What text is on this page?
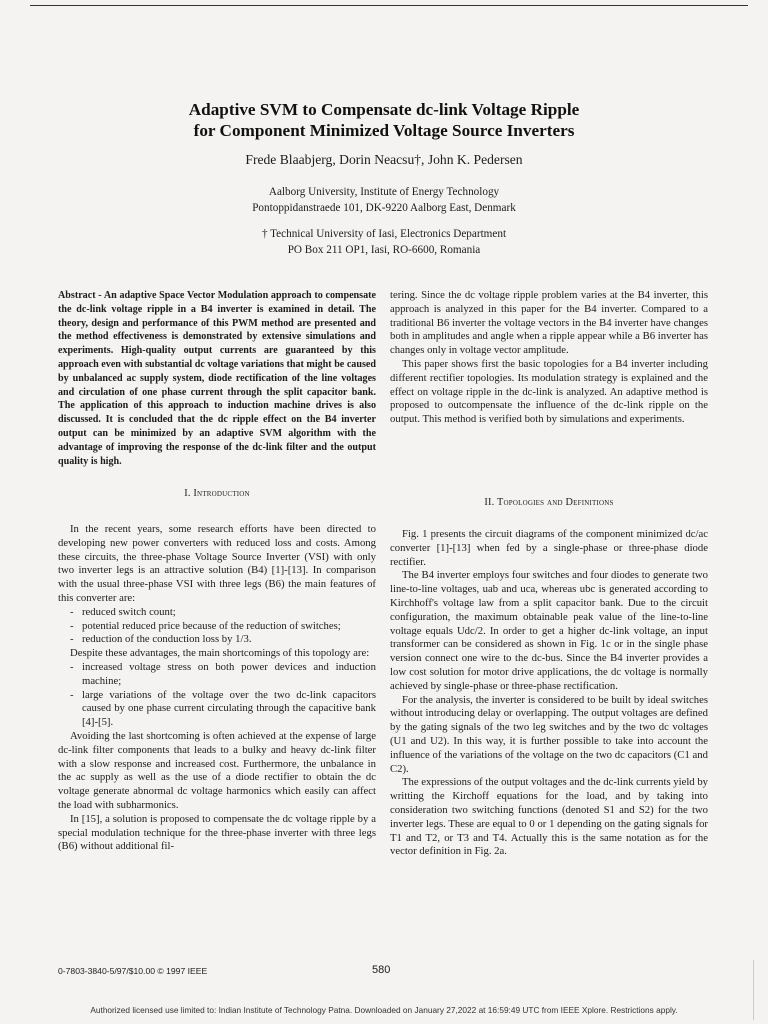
Adaptive SVM to Compensate dc-link Voltage Ripple
for Component Minimized Voltage Source Inverters
Frede Blaabjerg, Dorin Neacsu†, John K. Pedersen
Aalborg University, Institute of Energy Technology
Pontoppidanstraede 101, DK-9220 Aalborg East, Denmark
† Technical University of Iasi, Electronics Department
PO Box 211 OP1, Iasi, RO-6600, Romania
Abstract - An adaptive Space Vector Modulation approach to compensate the dc-link voltage ripple in a B4 inverter is examined in detail. The theory, design and performance of this PWM method are presented and the method effectiveness is demonstrated by extensive simulations and experiments. High-quality output currents are guaranteed by this approach even with substantial dc voltage variations that might be caused by unbalanced ac supply system, diode rectification of the line voltages and circulation of one phase current through the split capacitor bank. The application of this approach to induction machine drives is also discussed. It is concluded that the dc ripple effect on the B4 inverter output can be minimized by an adaptive SVM algorithm with the advantage of improving the response of the dc-link filter and the output quality is high.
I. Introduction

In the recent years, some research efforts have been directed to developing new power converters with reduced loss and costs. Among these circuits, the three-phase Voltage Source Inverter (VSI) with only two inverter legs is an attractive solution (B4) [1]-[13]. In comparison with the usual three-phase VSI with three legs (B6) the main features of this converter are:

- reduced switch count;
- potential reduced price because of the reduction of switches;
- reduction of the conduction loss by 1/3.

Despite these advantages, the main shortcomings of this topology are:

- increased voltage stress on both power devices and induction machine;
- large variations of the voltage over the two dc-link capacitors caused by one phase current circulating through the capacitive bank [4]-[5].

Avoiding the last shortcoming is often achieved at the expense of large dc-link filter components that leads to a bulky and heavy dc-link filter with a slow response and increased cost. Furthermore, the unbalance in the ac supply as well as the use of a diode rectifier to obtain the dc voltage generate abnormal dc voltage harmonics which easily can affect the load with subharmonics.

In [15], a solution is proposed to compensate the dc voltage ripple by a special modulation technique for the three-phase inverter with three legs (B6) without additional fil-

tering. Since the dc voltage ripple problem varies at the B4 inverter, this approach is analyzed in this paper for the B4 inverter. Compared to a traditional B6 inverter the voltage vectors in the B4 inverter have changes both in amplitudes and angle when a ripple appear while a B6 inverter has changes only in voltage vector amplitude.

This paper shows first the basic topologies for a B4 inverter including different rectifier topologies. Its modulation strategy is explained and the effect on voltage ripple in the dc-link is analyzed. An adaptive method is proposed to outcompensate the influence of the dc-link ripple on the output. This method is verified both by simulations and experiments.

II. Topologies and Definitions

Fig. 1 presents the circuit diagrams of the component minimized dc/ac converter [1]-[13] when fed by a single-phase or three-phase diode rectifier.

The B4 inverter employs four switches and four diodes to generate two line-to-line voltages, uab and uca, whereas ubc is generated according to Kirchhoff's voltage law from a split capacitor bank. Due to the circuit configuration, the maximum obtainable peak value of the line-to-line voltage equals Udc/2. In order to get a higher dc-link voltage, an input transformer can be considered as shown in Fig. 1c or in the single phase version connect one wire to the dc-bus. Since the B4 inverter provides a low cost solution for motor drive applications, the dc voltage is normally achieved by single-phase or three-phase rectification.

For the analysis, the inverter is considered to be built by ideal switches without introducing delay or overlapping. The output voltages are defined by the gating signals of the two leg switches and by the two dc voltages (U1 and U2). In this way, it is further possible to take into account the influence of the variations of the voltage on the two dc capacitors (C1 and C2).

The expressions of the output voltages and the dc-link currents yield by writting the Kirchoff equations for the load, and by taking into consideration two switching functions (denoted S1 and S2) for the two inverter legs. These are equal to 0 or 1 depending on the gating signals for T1 and T2, or T3 and T4. Actually this is the same notation as for the vector definition in Fig. 2a.

0-7803-3840-5/97/$10.00 © 1997 IEEE	580
Authorized licensed use limited to: Indian Institute of Technology Patna. Downloaded on January 27,2022 at 16:59:49 UTC from IEEE Xplore. Restrictions apply.
